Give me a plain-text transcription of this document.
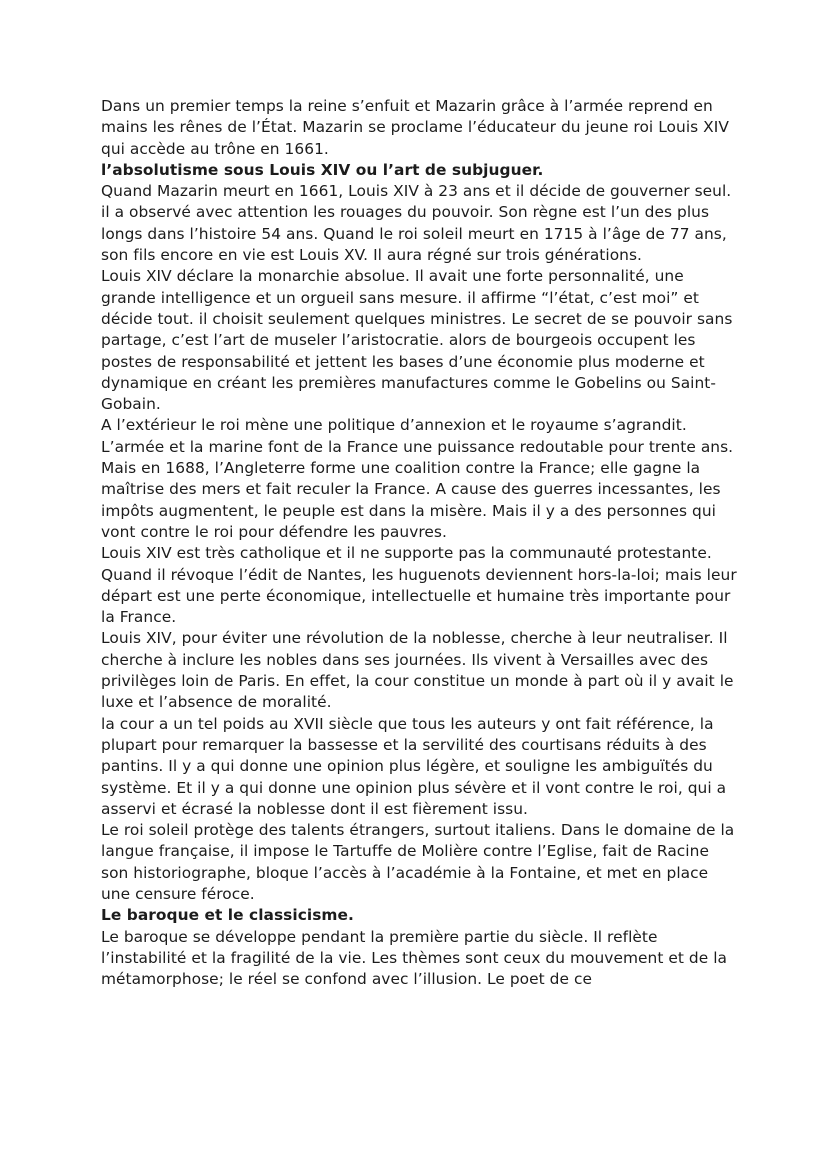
Dans un premier temps la reine s’enfuit et Mazarin grâce à l’armée reprend en mains les rênes de l’État. Mazarin se proclame l’éducateur du jeune roi Louis XIV qui accède au trône en 1661.

l’absolutisme sous Louis XIV ou l’art de subjuguer.

Quand Mazarin meurt en 1661, Louis XIV à 23 ans et il décide de gouverner seul. il a observé avec attention les rouages du pouvoir. Son règne est l’un des plus longs dans l’histoire 54 ans. Quand le roi soleil meurt en 1715 à l’âge de 77 ans, son fils encore en vie est Louis XV. Il aura régné sur trois générations.

Louis XIV déclare la monarchie absolue. Il avait une forte personnalité, une grande intelligence et un orgueil sans mesure. il affirme “l’état, c’est moi” et décide tout. il choisit seulement quelques ministres. Le secret de se pouvoir sans partage, c’est l’art de museler l’aristocratie. alors de bourgeois occupent les postes de responsabilité et jettent les bases d’une économie plus moderne et dynamique en créant les premières manufactures comme le Gobelins ou Saint-Gobain.

A l’extérieur le roi mène une politique d’annexion et le royaume s’agrandit. L’armée et la marine font de la France une puissance redoutable pour trente ans. Mais en 1688, l’Angleterre forme une coalition contre la France; elle gagne la maîtrise des mers et fait reculer la France. A cause des guerres incessantes, les impôts augmentent, le peuple est dans la misère. Mais il y a des personnes qui vont contre le roi pour défendre les pauvres.

Louis XIV est très catholique et il ne supporte pas la communauté protestante. Quand il révoque l’édit de Nantes, les huguenots deviennent hors-la-loi; mais leur départ est une perte économique, intellectuelle et humaine très importante pour la France.

Louis XIV, pour éviter une révolution de la noblesse, cherche à leur neutraliser. Il cherche à inclure les nobles dans ses journées. Ils vivent à Versailles avec des privilèges loin de Paris. En effet, la cour constitue un monde à part où il y avait le luxe et l’absence de moralité.

la cour a un tel poids au XVII siècle que tous les auteurs y ont fait référence, la plupart pour remarquer la bassesse et la servilité des courtisans réduits à des pantins. Il y a qui donne une opinion plus légère, et souligne les ambiguïtés du système. Et il y a qui donne une opinion plus sévère et il vont contre le roi, qui a asservi et écrasé la noblesse dont il est fièrement issu.

Le roi soleil protège des talents étrangers, surtout italiens. Dans le domaine de la langue française, il impose le Tartuffe de Molière contre l’Eglise, fait de Racine son historiographe, bloque l’accès à l’académie à la Fontaine, et met en place une censure féroce.

Le baroque et le classicisme.

Le baroque se développe pendant la première partie du siècle. Il reflète l’instabilité et la fragilité de la vie. Les thèmes sont ceux du mouvement et de la métamorphose; le réel se confond avec l’illusion. Le poet de ce
